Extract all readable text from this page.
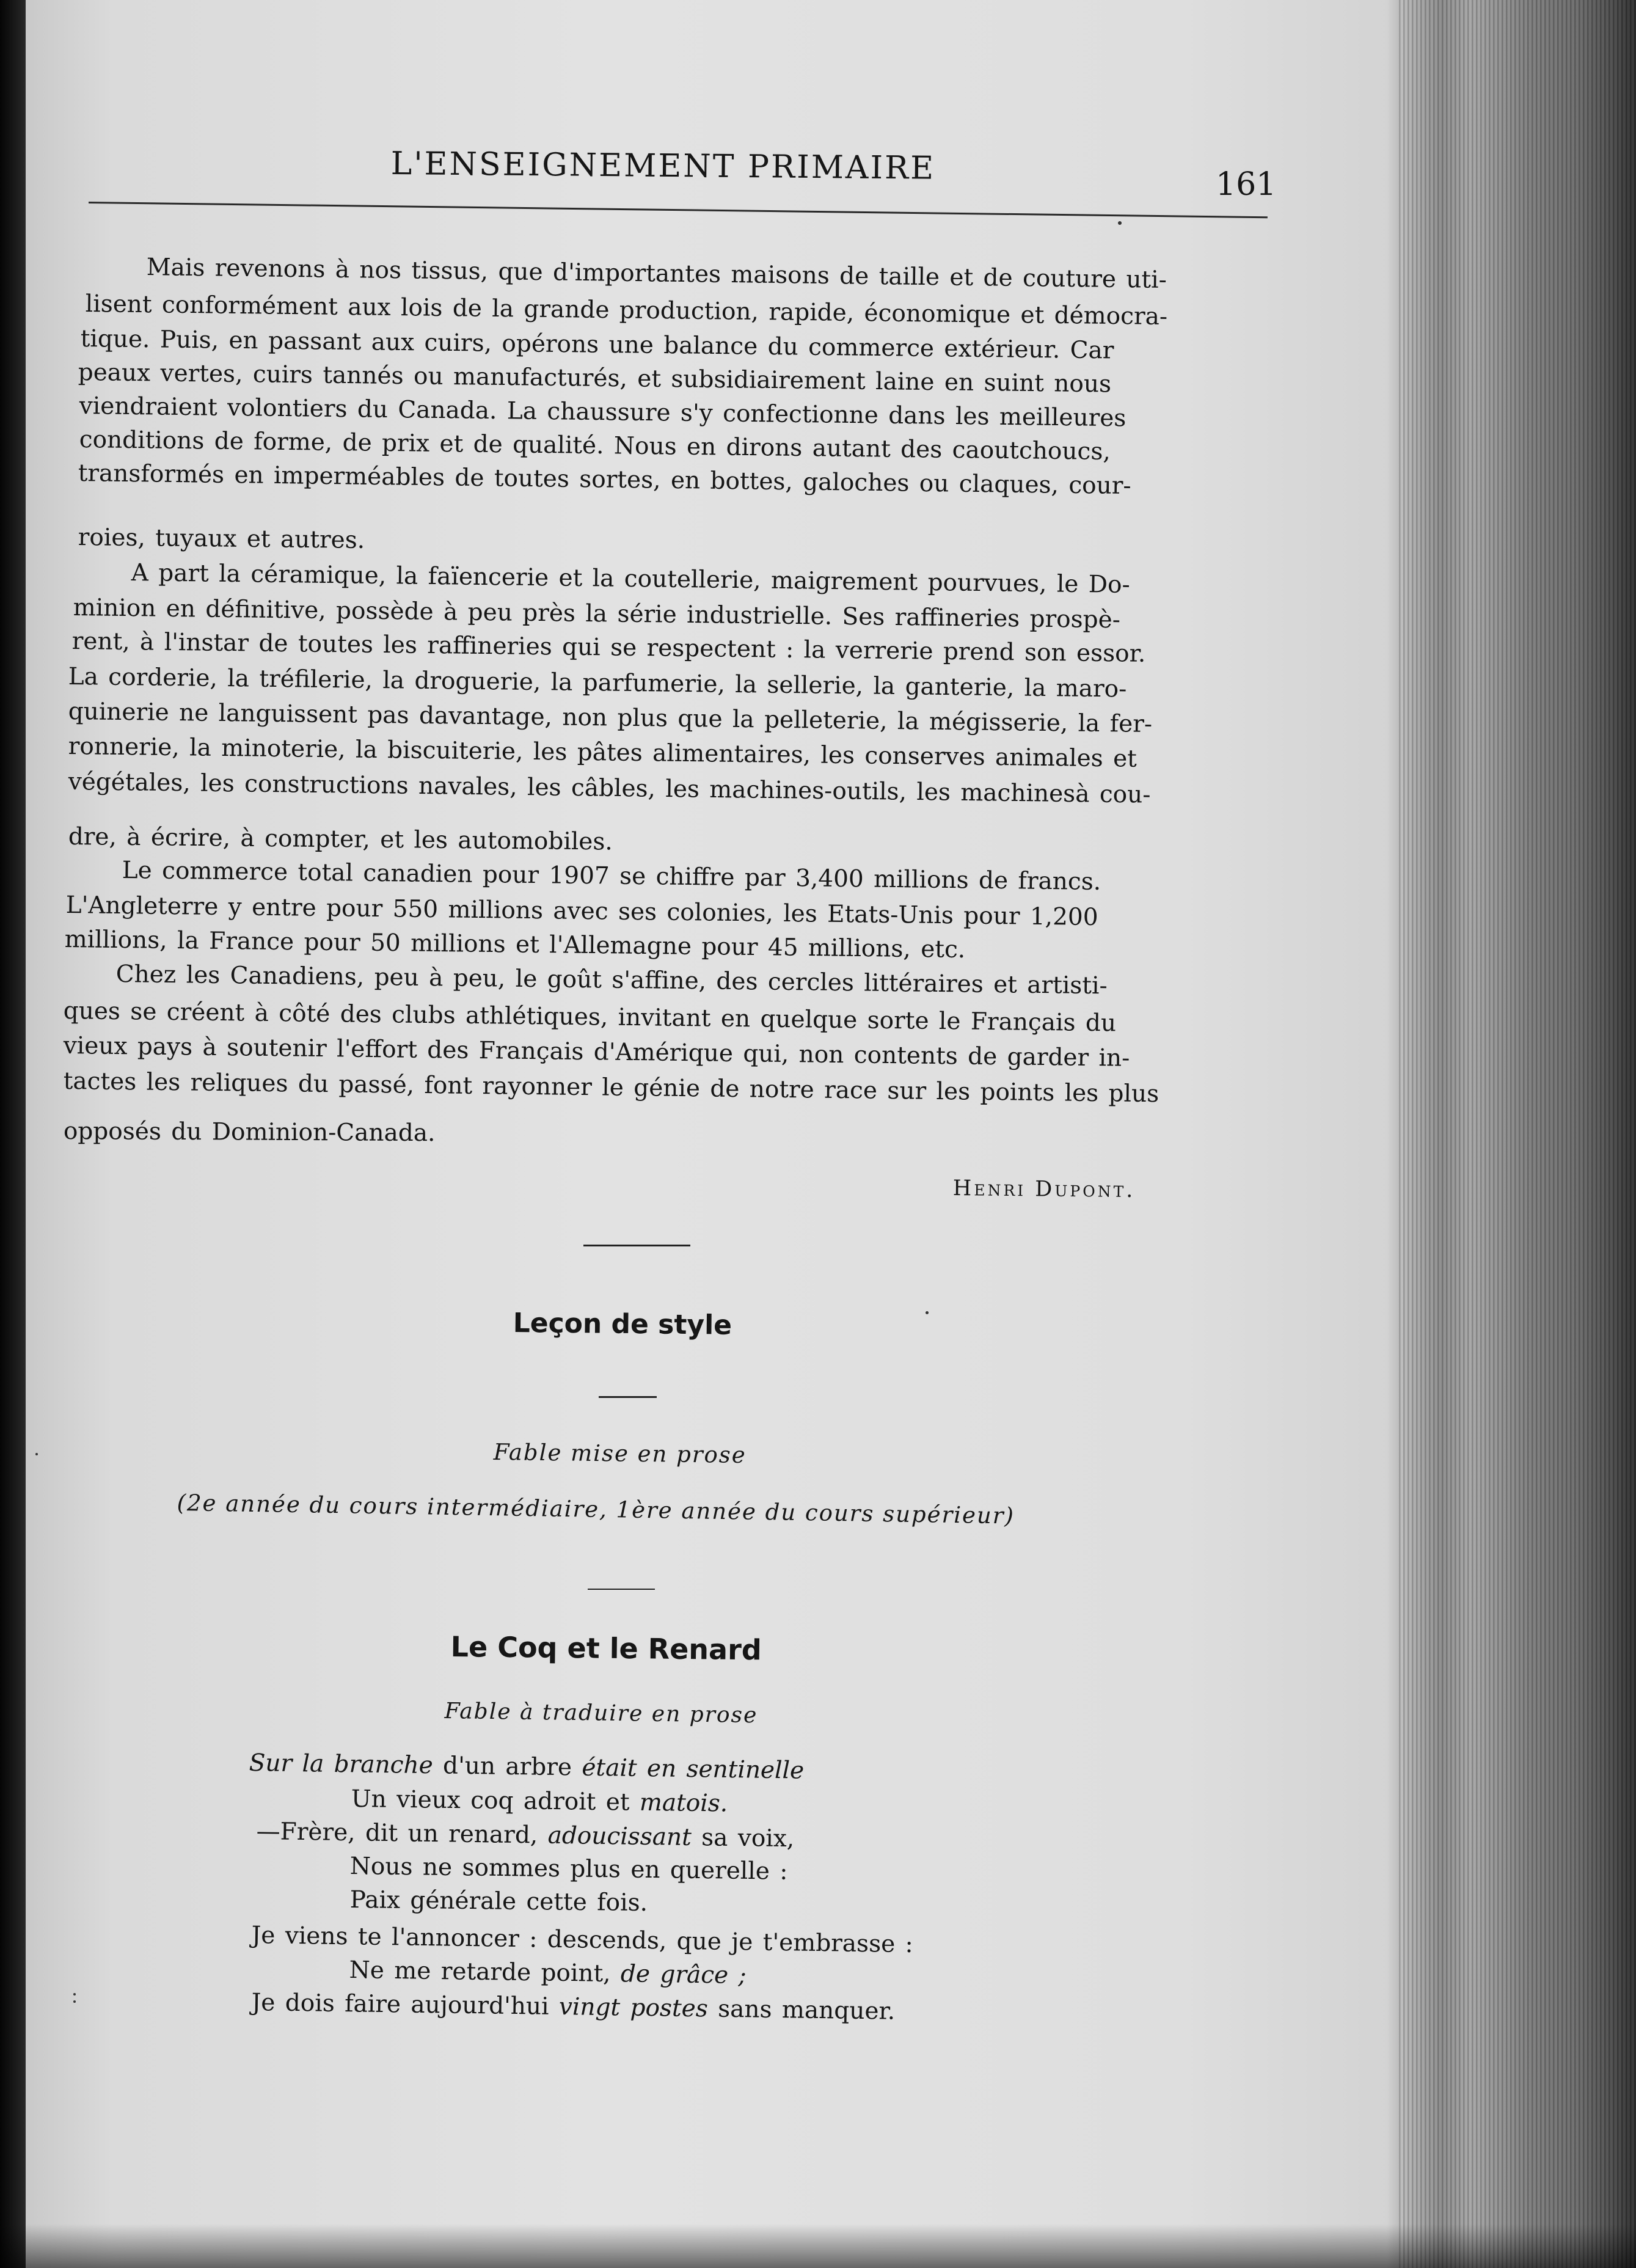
L'ENSEIGNEMENT PRIMAIRE	161
Mais revenons à nos tissus, que d'importantes maisons de taille et de couture uti-
lisent conformément aux lois de la grande production, rapide, économique et démocra-
tique. Puis, en passant aux cuirs, opérons une balance du commerce extérieur. Car
peaux vertes, cuirs tannés ou manufacturés, et subsidiairement laine en suint nous
viendraient volontiers du Canada. La chaussure s'y confectionne dans les meilleures
conditions de forme, de prix et de qualité. Nous en dirons autant des caoutchoucs,
transformés en imperméables de toutes sortes, en bottes, galoches ou claques, cour-
roies, tuyaux et autres.
A part la céramique, la faïencerie et la coutellerie, maigrement pourvues, le Do-
minion en définitive, possède à peu près la série industrielle. Ses raffineries prospè-
rent, à l'instar de toutes les raffineries qui se respectent : la verrerie prend son essor.
La corderie, la tréfilerie, la droguerie, la parfumerie, la sellerie, la ganterie, la maro-
quinerie ne languissent pas davantage, non plus que la pelleterie, la mégisserie, la fer-
ronnerie, la minoterie, la biscuiterie, les pâtes alimentaires, les conserves animales et
végétales, les constructions navales, les câbles, les machines-outils, les machinesà cou-
dre, à écrire, à compter, et les automobiles.
Le commerce total canadien pour 1907 se chiffre par 3,400 millions de francs.
L'Angleterre y entre pour 550 millions avec ses colonies, les Etats-Unis pour 1,200
millions, la France pour 50 millions et l'Allemagne pour 45 millions, etc.
Chez les Canadiens, peu à peu, le goût s'affine, des cercles littéraires et artisti-
ques se créent à côté des clubs athlétiques, invitant en quelque sorte le Français du
vieux pays à soutenir l'effort des Français d'Amérique qui, non contents de garder in-
tactes les reliques du passé, font rayonner le génie de notre race sur les points les plus
opposés du Dominion-Canada.
Henri Dupont.
Leçon de style
Fable mise en prose
(2e année du cours intermédiaire, 1ère année du cours supérieur)
Le Coq et le Renard
Fable à traduire en prose
Sur la branche d'un arbre était en sentinelle
Un vieux coq adroit et matois.
—Frère, dit un renard, adoucissant sa voix,
Nous ne sommes plus en querelle :
Paix générale cette fois.
Je viens te l'annoncer : descends, que je t'embrasse :
Ne me retarde point, de grâce ;
Je dois faire aujourd'hui vingt postes sans manquer.
